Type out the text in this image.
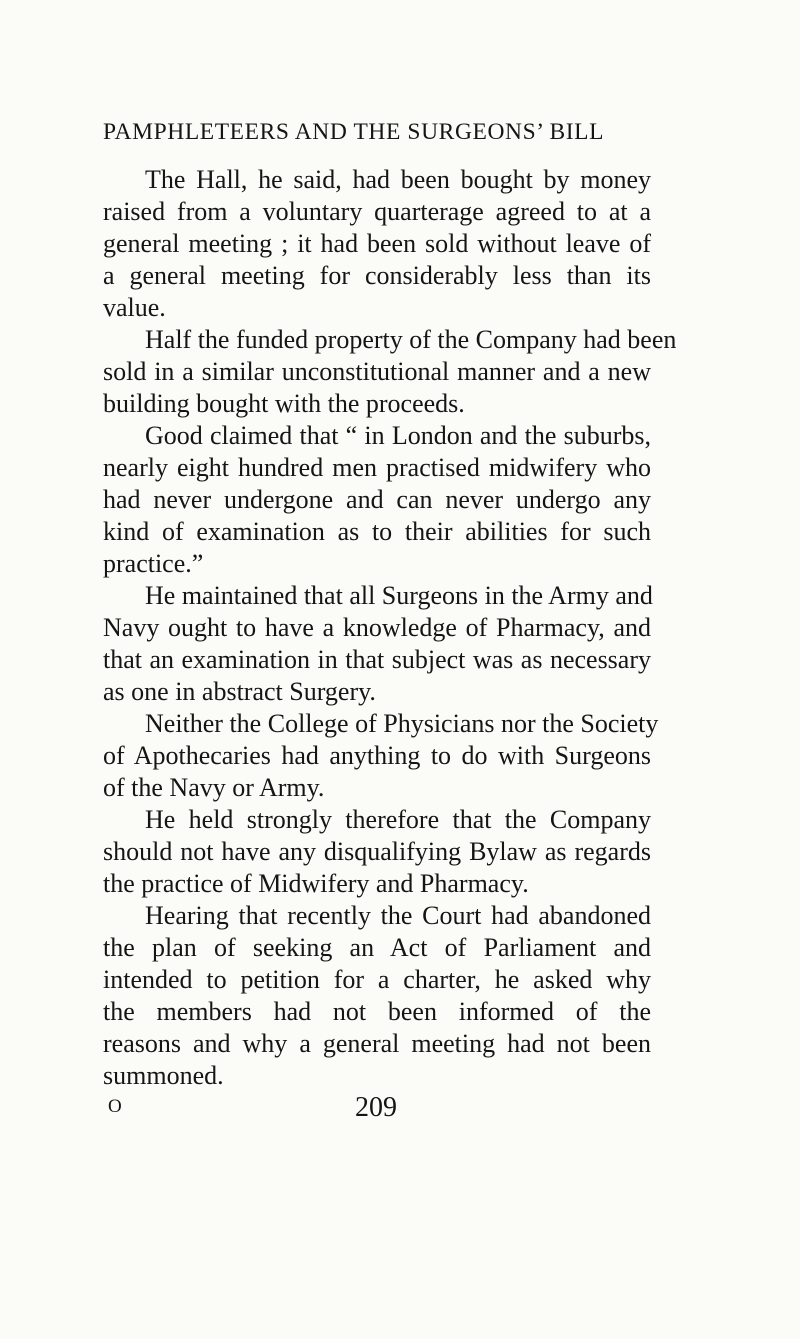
PAMPHLETEERS AND THE SURGEONS’ BILL

The Hall, he said, had been bought by money
raised from a voluntary quarterage agreed to at a
general meeting ; it had been sold without leave of
a general meeting for considerably less than its
value.

Half the funded property of the Company had been
sold in a similar unconstitutional manner and a new
building bought with the proceeds.

Good claimed that “ in London and the suburbs,
nearly eight hundred men practised midwifery who
had never undergone and can never undergo any
kind of examination as to their abilities for such
practice.”

He maintained that all Surgeons in the Army and
Navy ought to have a knowledge of Pharmacy, and
that an examination in that subject was as necessary
as one in abstract Surgery.

Neither the College of Physicians nor the Society
of Apothecaries had anything to do with Surgeons
of the Navy or Army.

He held strongly therefore that the Company
should not have any disqualifying Bylaw as regards
the practice of Midwifery and Pharmacy.

Hearing that recently the Court had abandoned
the plan of seeking an Act of Parliament and
intended to petition for a charter, he asked why
the members had not been informed of the
reasons and why a general meeting had not been
summoned.

O	209
